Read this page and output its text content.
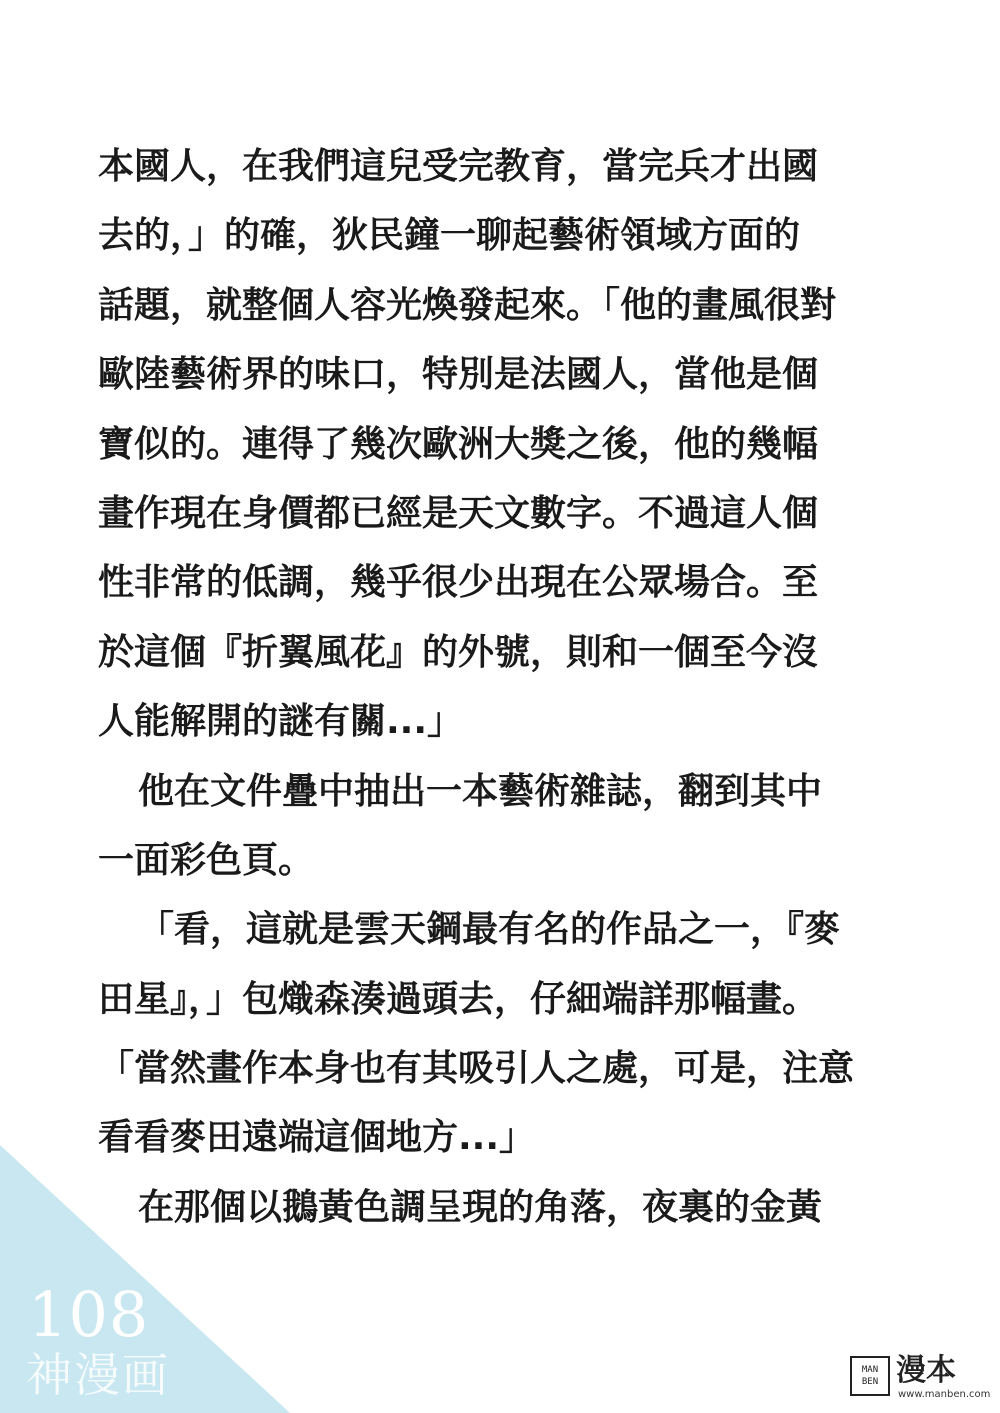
本國人，在我們這兒受完教育，當完兵才出國
去的，」的確，狄民鐘一聊起藝術領域方面的
話題，就整個人容光煥發起來。「他的畫風很對
歐陸藝術界的味口，特別是法國人，當他是個
寶似的。連得了幾次歐洲大獎之後，他的幾幅
畫作現在身價都已經是天文數字。不過這人個
性非常的低調，幾乎很少出現在公眾場合。至
於這個『折翼風花』的外號，則和一個至今沒
人能解開的謎有關...」
他在文件疊中抽出一本藝術雜誌，翻到其中
一面彩色頁。
「看，這就是雲天鋼最有名的作品之一，『麥
田星』，」包熾森湊過頭去，仔細端詳那幅畫。
「當然畫作本身也有其吸引人之處，可是，注意
看看麥田遠端這個地方...」
在那個以鵝黃色調呈現的角落，夜裏的金黃
108
神漫画	MAN BEN 漫本
www.manben.com
